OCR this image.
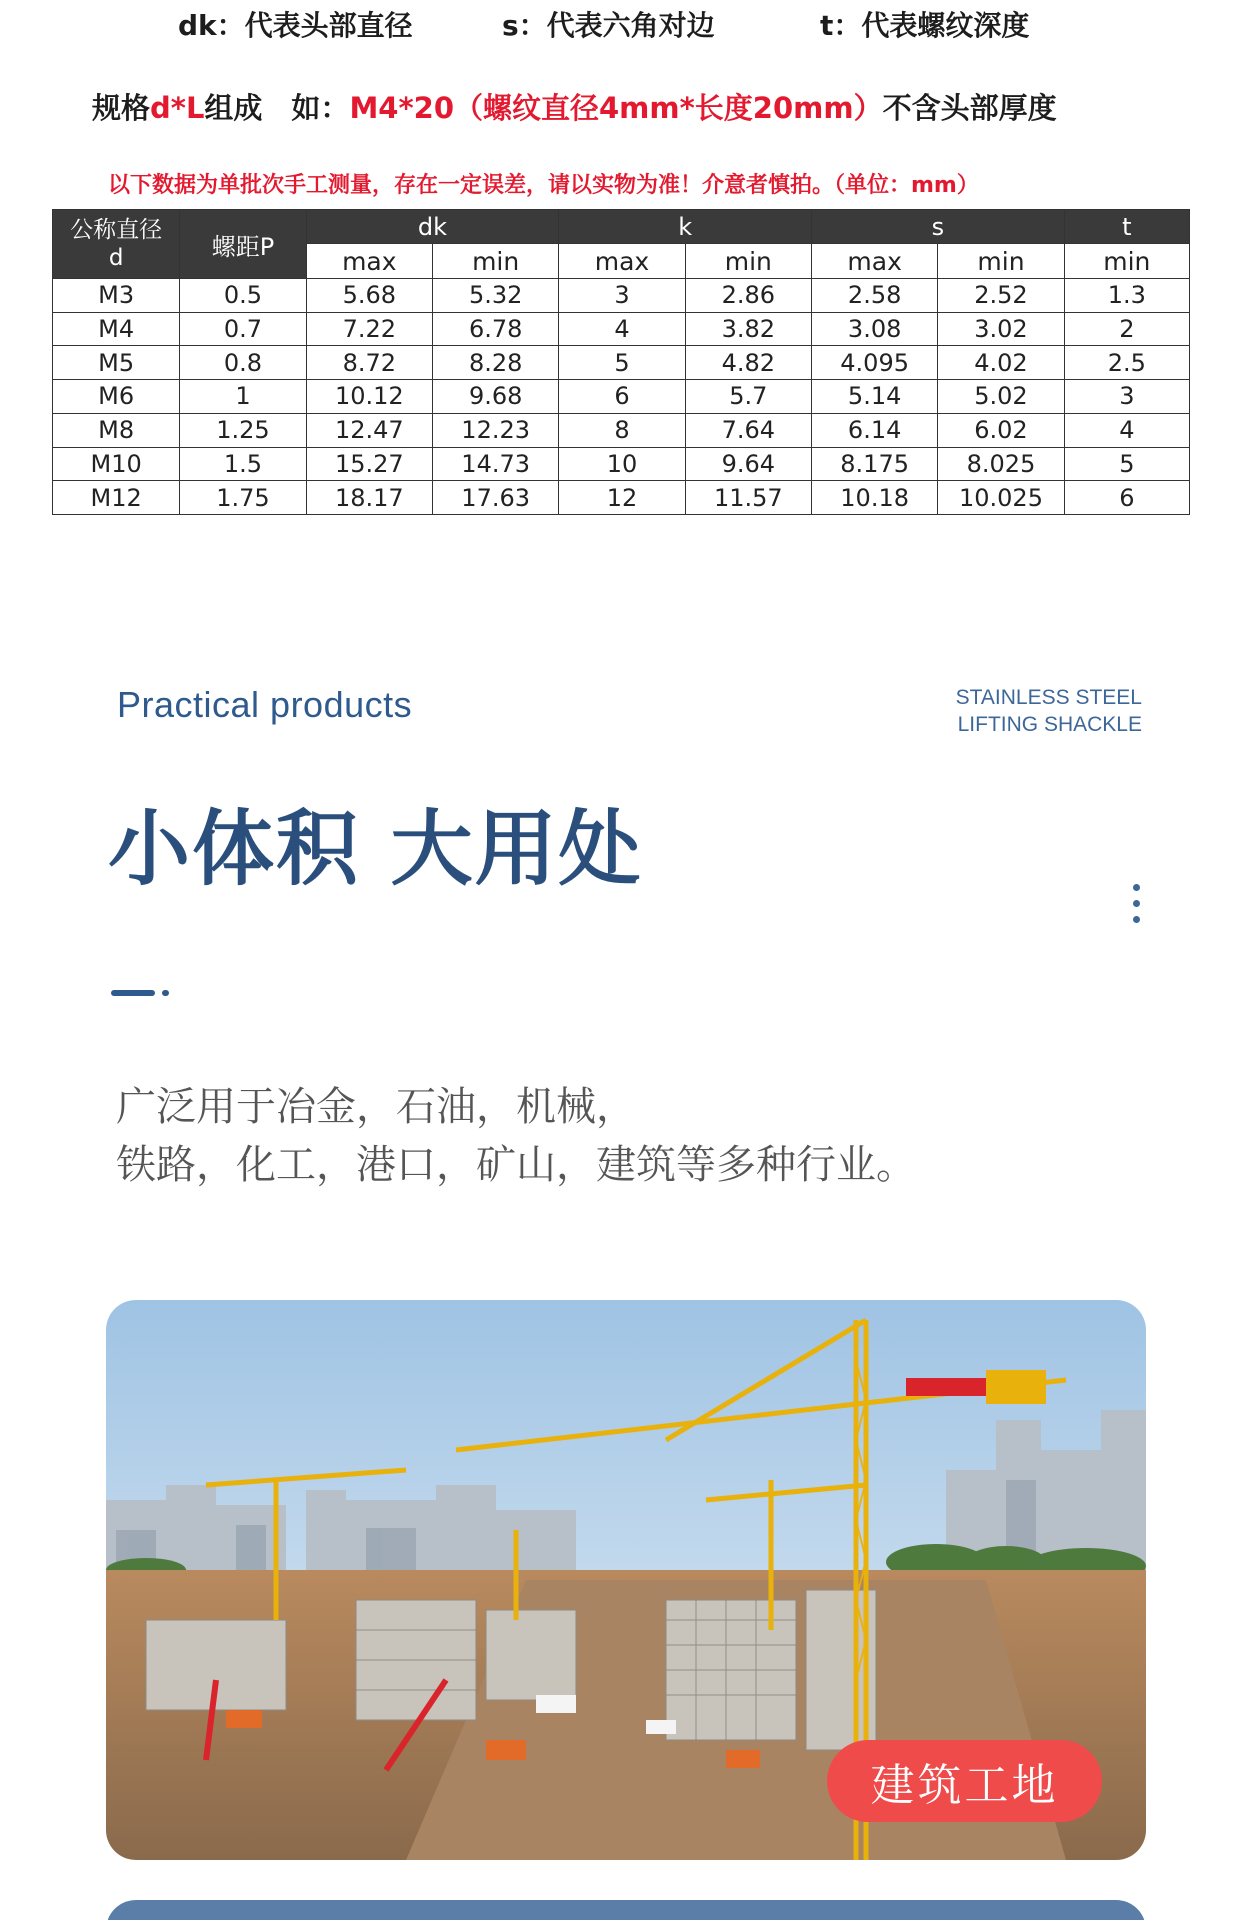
dk：代表头部直径	s：代表六角对边	t：代表螺纹深度
规格d*L组成　如：M4*20（螺纹直径4mm*长度20mm）不含头部厚度
以下数据为单批次手工测量，存在一定误差，请以实物为准！介意者慎拍。（单位：mm）
公称直径
d	螺距P	dk		k		s		t
		max	min	max	min	max	min	min
M3	0.5	5.68	5.32	3	2.86	2.58	2.52	1.3
M4	0.7	7.22	6.78	4	3.82	3.08	3.02	2
M5	0.8	8.72	8.28	5	4.82	4.095	4.02	2.5
M6	1	10.12	9.68	6	5.7	5.14	5.02	3
M8	1.25	12.47	12.23	8	7.64	6.14	6.02	4
M10	1.5	15.27	14.73	10	9.64	8.175	8.025	5
M12	1.75	18.17	17.63	12	11.57	10.18	10.025	6
Practical products	STAINLESS STEEL
LIFTING SHACKLE
小体积 大用处
广泛用于冶金，石油，机械，
铁路，化工，港口，矿山，建筑等多种行业。
建筑工地
